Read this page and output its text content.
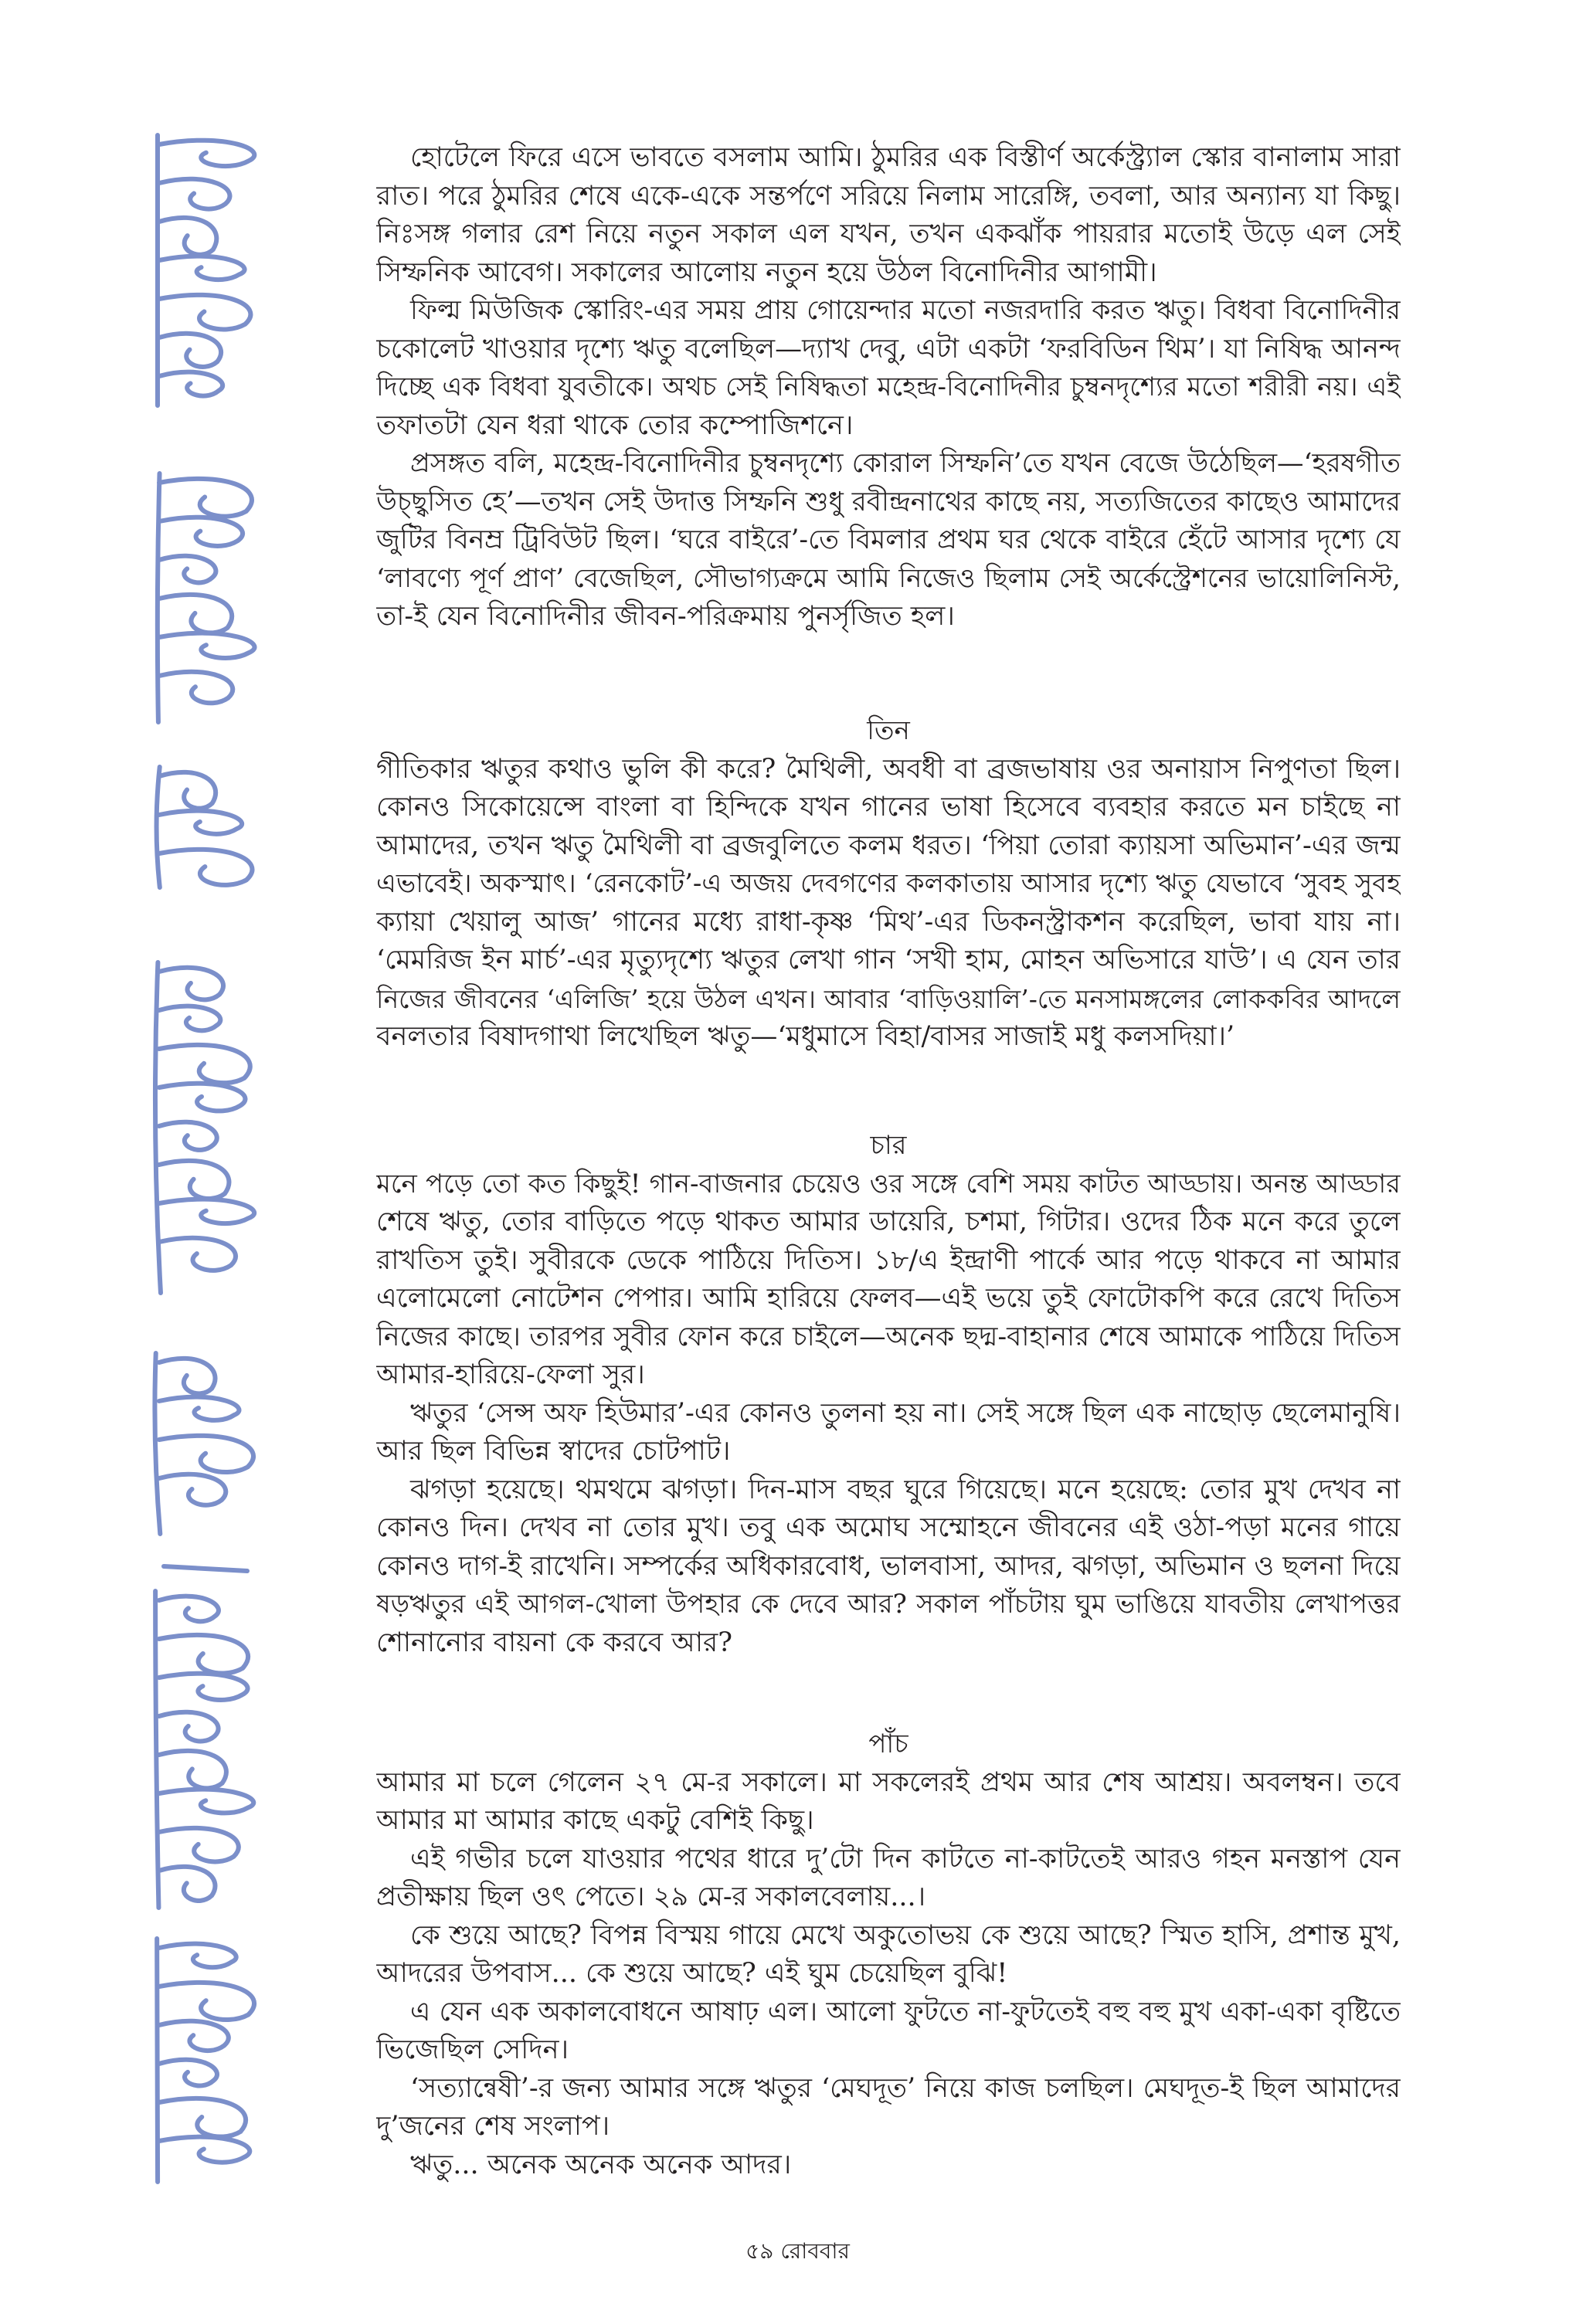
হোটেলে ফিরে এসে ভাবতে বসলাম আমি। ঠুমরির এক বিস্তীর্ণ অর্কেস্ট্র্যাল স্কোর বানালাম সারা
রাত। পরে ঠুমরির শেষে একে-একে সন্তর্পণে সরিয়ে নিলাম সারেঙ্গি, তবলা, আর অন্যান্য যা কিছু।
নিঃসঙ্গ গলার রেশ নিয়ে নতুন সকাল এল যখন, তখন একঝাঁক পায়রার মতোই উড়ে এল সেই
সিম্ফনিক আবেগ। সকালের আলোয় নতুন হয়ে উঠল বিনোদিনীর আগামী।
ফিল্ম মিউজিক স্কোরিং-এর সময় প্রায় গোয়েন্দার মতো নজরদারি করত ঋতু। বিধবা বিনোদিনীর
চকোলেট খাওয়ার দৃশ্যে ঋতু বলেছিল—দ্যাখ দেবু, এটা একটা ‘ফরবিডিন থিম’। যা নিষিদ্ধ আনন্দ
দিচ্ছে এক বিধবা যুবতীকে। অথচ সেই নিষিদ্ধতা মহেন্দ্র-বিনোদিনীর চুম্বনদৃশ্যের মতো শরীরী নয়। এই
তফাতটা যেন ধরা থাকে তোর কম্পোজিশনে।
প্রসঙ্গত বলি, মহেন্দ্র-বিনোদিনীর চুম্বনদৃশ্যে কোরাল সিম্ফনি’তে যখন বেজে উঠেছিল—‘হরষগীত
উচ্ছ্বসিত হে’—তখন সেই উদাত্ত সিম্ফনি শুধু রবীন্দ্রনাথের কাছে নয়, সত্যজিতের কাছেও আমাদের
জুটির বিনম্র ট্রিবিউট ছিল। ‘ঘরে বাইরে’-তে বিমলার প্রথম ঘর থেকে বাইরে হেঁটে আসার দৃশ্যে যে
‘লাবণ্যে পূর্ণ প্রাণ’ বেজেছিল, সৌভাগ্যক্রমে আমি নিজেও ছিলাম সেই অর্কেস্ট্রেশনের ভায়োলিনিস্ট,
তা-ই যেন বিনোদিনীর জীবন-পরিক্রমায় পুনর্সৃজিত হল।
তিন
গীতিকার ঋতুর কথাও ভুলি কী করে? মৈথিলী, অবধী বা ব্রজভাষায় ওর অনায়াস নিপুণতা ছিল।
কোনও সিকোয়েন্সে বাংলা বা হিন্দিকে যখন গানের ভাষা হিসেবে ব্যবহার করতে মন চাইছে না
আমাদের, তখন ঋতু মৈথিলী বা ব্রজবুলিতে কলম ধরত। ‘পিয়া তোরা ক্যায়সা অভিমান’-এর জন্ম
এভাবেই। অকস্মাৎ। ‘রেনকোট’-এ অজয় দেবগণের কলকাতায় আসার দৃশ্যে ঋতু যেভাবে ‘সুবহ সুবহ
ক্যায়া খেয়ালু আজ’ গানের মধ্যে রাধা-কৃষ্ণ ‘মিথ’-এর ডিকনস্ট্রাকশন করেছিল, ভাবা যায় না।
‘মেমরিজ ইন মার্চ’-এর মৃত্যুদৃশ্যে ঋতুর লেখা গান ‘সখী হাম, মোহন অভিসারে যাউ’। এ যেন তার
নিজের জীবনের ‘এলিজি’ হয়ে উঠল এখন। আবার ‘বাড়িওয়ালি’-তে মনসামঙ্গলের লোককবির আদলে
বনলতার বিষাদগাথা লিখেছিল ঋতু—‘মধুমাসে বিহা/বাসর সাজাই মধু কলসদিয়া।’
চার
মনে পড়ে তো কত কিছুই! গান-বাজনার চেয়েও ওর সঙ্গে বেশি সময় কাটত আড্ডায়। অনন্ত আড্ডার
শেষে ঋতু, তোর বাড়িতে পড়ে থাকত আমার ডায়েরি, চশমা, গিটার। ওদের ঠিক মনে করে তুলে
রাখতিস তুই। সুবীরকে ডেকে পাঠিয়ে দিতিস। ১৮/এ ইন্দ্রাণী পার্কে আর পড়ে থাকবে না আমার
এলোমেলো নোটেশন পেপার। আমি হারিয়ে ফেলব—এই ভয়ে তুই ফোটোকপি করে রেখে দিতিস
নিজের কাছে। তারপর সুবীর ফোন করে চাইলে—অনেক ছদ্ম-বাহানার শেষে আমাকে পাঠিয়ে দিতিস
আমার-হারিয়ে-ফেলা সুর।
ঋতুর ‘সেন্স অফ হিউমার’-এর কোনও তুলনা হয় না। সেই সঙ্গে ছিল এক নাছোড় ছেলেমানুষি।
আর ছিল বিভিন্ন স্বাদের চোটপাট।
ঝগড়া হয়েছে। থমথমে ঝগড়া। দিন-মাস বছর ঘুরে গিয়েছে। মনে হয়েছে: তোর মুখ দেখব না
কোনও দিন। দেখব না তোর মুখ। তবু এক অমোঘ সম্মোহনে জীবনের এই ওঠা-পড়া মনের গায়ে
কোনও দাগ-ই রাখেনি। সম্পর্কের অধিকারবোধ, ভালবাসা, আদর, ঝগড়া, অভিমান ও ছলনা দিয়ে
ষড়ঋতুর এই আগল-খোলা উপহার কে দেবে আর? সকাল পাঁচটায় ঘুম ভাঙিয়ে যাবতীয় লেখাপত্তর
শোনানোর বায়না কে করবে আর?
পাঁচ
আমার মা চলে গেলেন ২৭ মে-র সকালে। মা সকলেরই প্রথম আর শেষ আশ্রয়। অবলম্বন। তবে
আমার মা আমার কাছে একটু বেশিই কিছু।
এই গভীর চলে যাওয়ার পথের ধারে দু’টো দিন কাটতে না-কাটতেই আরও গহন মনস্তাপ যেন
প্রতীক্ষায় ছিল ওৎ পেতে। ২৯ মে-র সকালবেলায়...।
কে শুয়ে আছে? বিপন্ন বিস্ময় গায়ে মেখে অকুতোভয় কে শুয়ে আছে? স্মিত হাসি, প্রশান্ত মুখ,
আদরের উপবাস... কে শুয়ে আছে? এই ঘুম চেয়েছিল বুঝি!
এ যেন এক অকালবোধনে আষাঢ় এল। আলো ফুটতে না-ফুটতেই বহু বহু মুখ একা-একা বৃষ্টিতে
ভিজেছিল সেদিন।
‘সত্যান্বেষী’-র জন্য আমার সঙ্গে ঋতুর ‘মেঘদূত’ নিয়ে কাজ চলছিল। মেঘদূত-ই ছিল আমাদের
দু’জনের শেষ সংলাপ।
ঋতু... অনেক অনেক অনেক আদর।
৫৯ রোববার
